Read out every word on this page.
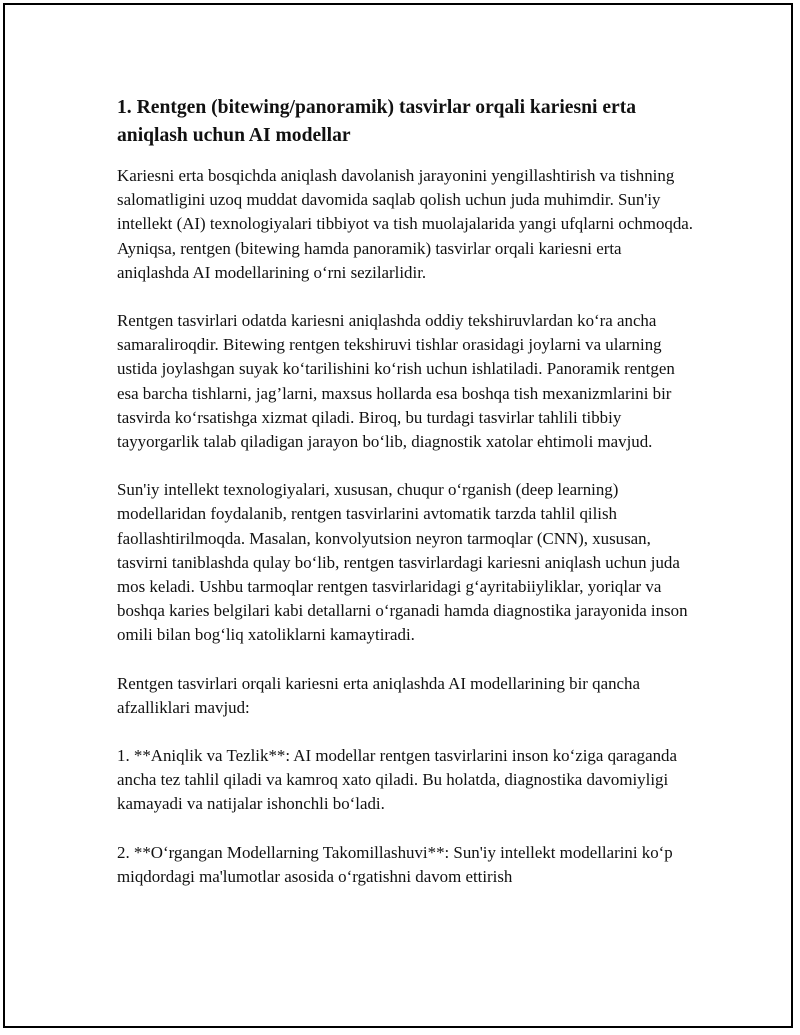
1. Rentgen (bitewing/panoramik) tasvirlar orqali kariesni erta aniqlash uchun AI modellar

Kariesni erta bosqichda aniqlash davolanish jarayonini yengillashtirish va tishning salomatligini uzoq muddat davomida saqlab qolish uchun juda muhimdir. Sun'iy intellekt (AI) texnologiyalari tibbiyot va tish muolajalarida yangi ufqlarni ochmoqda. Ayniqsa, rentgen (bitewing hamda panoramik) tasvirlar orqali kariesni erta aniqlashda AI modellarining o‘rni sezilarlidir.

Rentgen tasvirlari odatda kariesni aniqlashda oddiy tekshiruvlardan ko‘ra ancha samaraliroqdir. Bitewing rentgen tekshiruvi tishlar orasidagi joylarni va ularning ustida joylashgan suyak ko‘tarilishini ko‘rish uchun ishlatiladi. Panoramik rentgen esa barcha tishlarni, jag’larni, maxsus hollarda esa boshqa tish mexanizmlarini bir tasvirda ko‘rsatishga xizmat qiladi. Biroq, bu turdagi tasvirlar tahlili tibbiy tayyorgarlik talab qiladigan jarayon bo‘lib, diagnostik xatolar ehtimoli mavjud.

Sun'iy intellekt texnologiyalari, xususan, chuqur o‘rganish (deep learning) modellaridan foydalanib, rentgen tasvirlarini avtomatik tarzda tahlil qilish faollashtirilmoqda. Masalan, konvolyutsion neyron tarmoqlar (CNN), xususan, tasvirni taniblashda qulay bo‘lib, rentgen tasvirlardagi kariesni aniqlash uchun juda mos keladi. Ushbu tarmoqlar rentgen tasvirlaridagi g‘ayritabiiyliklar, yoriqlar va boshqa karies belgilari kabi detallarni o‘rganadi hamda diagnostika jarayonida inson omili bilan bog‘liq xatoliklarni kamaytiradi.

Rentgen tasvirlari orqali kariesni erta aniqlashda AI modellarining bir qancha afzalliklari mavjud:

1. **Aniqlik va Tezlik**: AI modellar rentgen tasvirlarini inson ko‘ziga qaraganda ancha tez tahlil qiladi va kamroq xato qiladi. Bu holatda, diagnostika davomiyligi kamayadi va natijalar ishonchli bo‘ladi.

2. **O‘rgangan Modellarning Takomillashuvi**: Sun'iy intellekt modellarini ko‘p miqdordagi ma'lumotlar asosida o‘rgatishni davom ettirish
